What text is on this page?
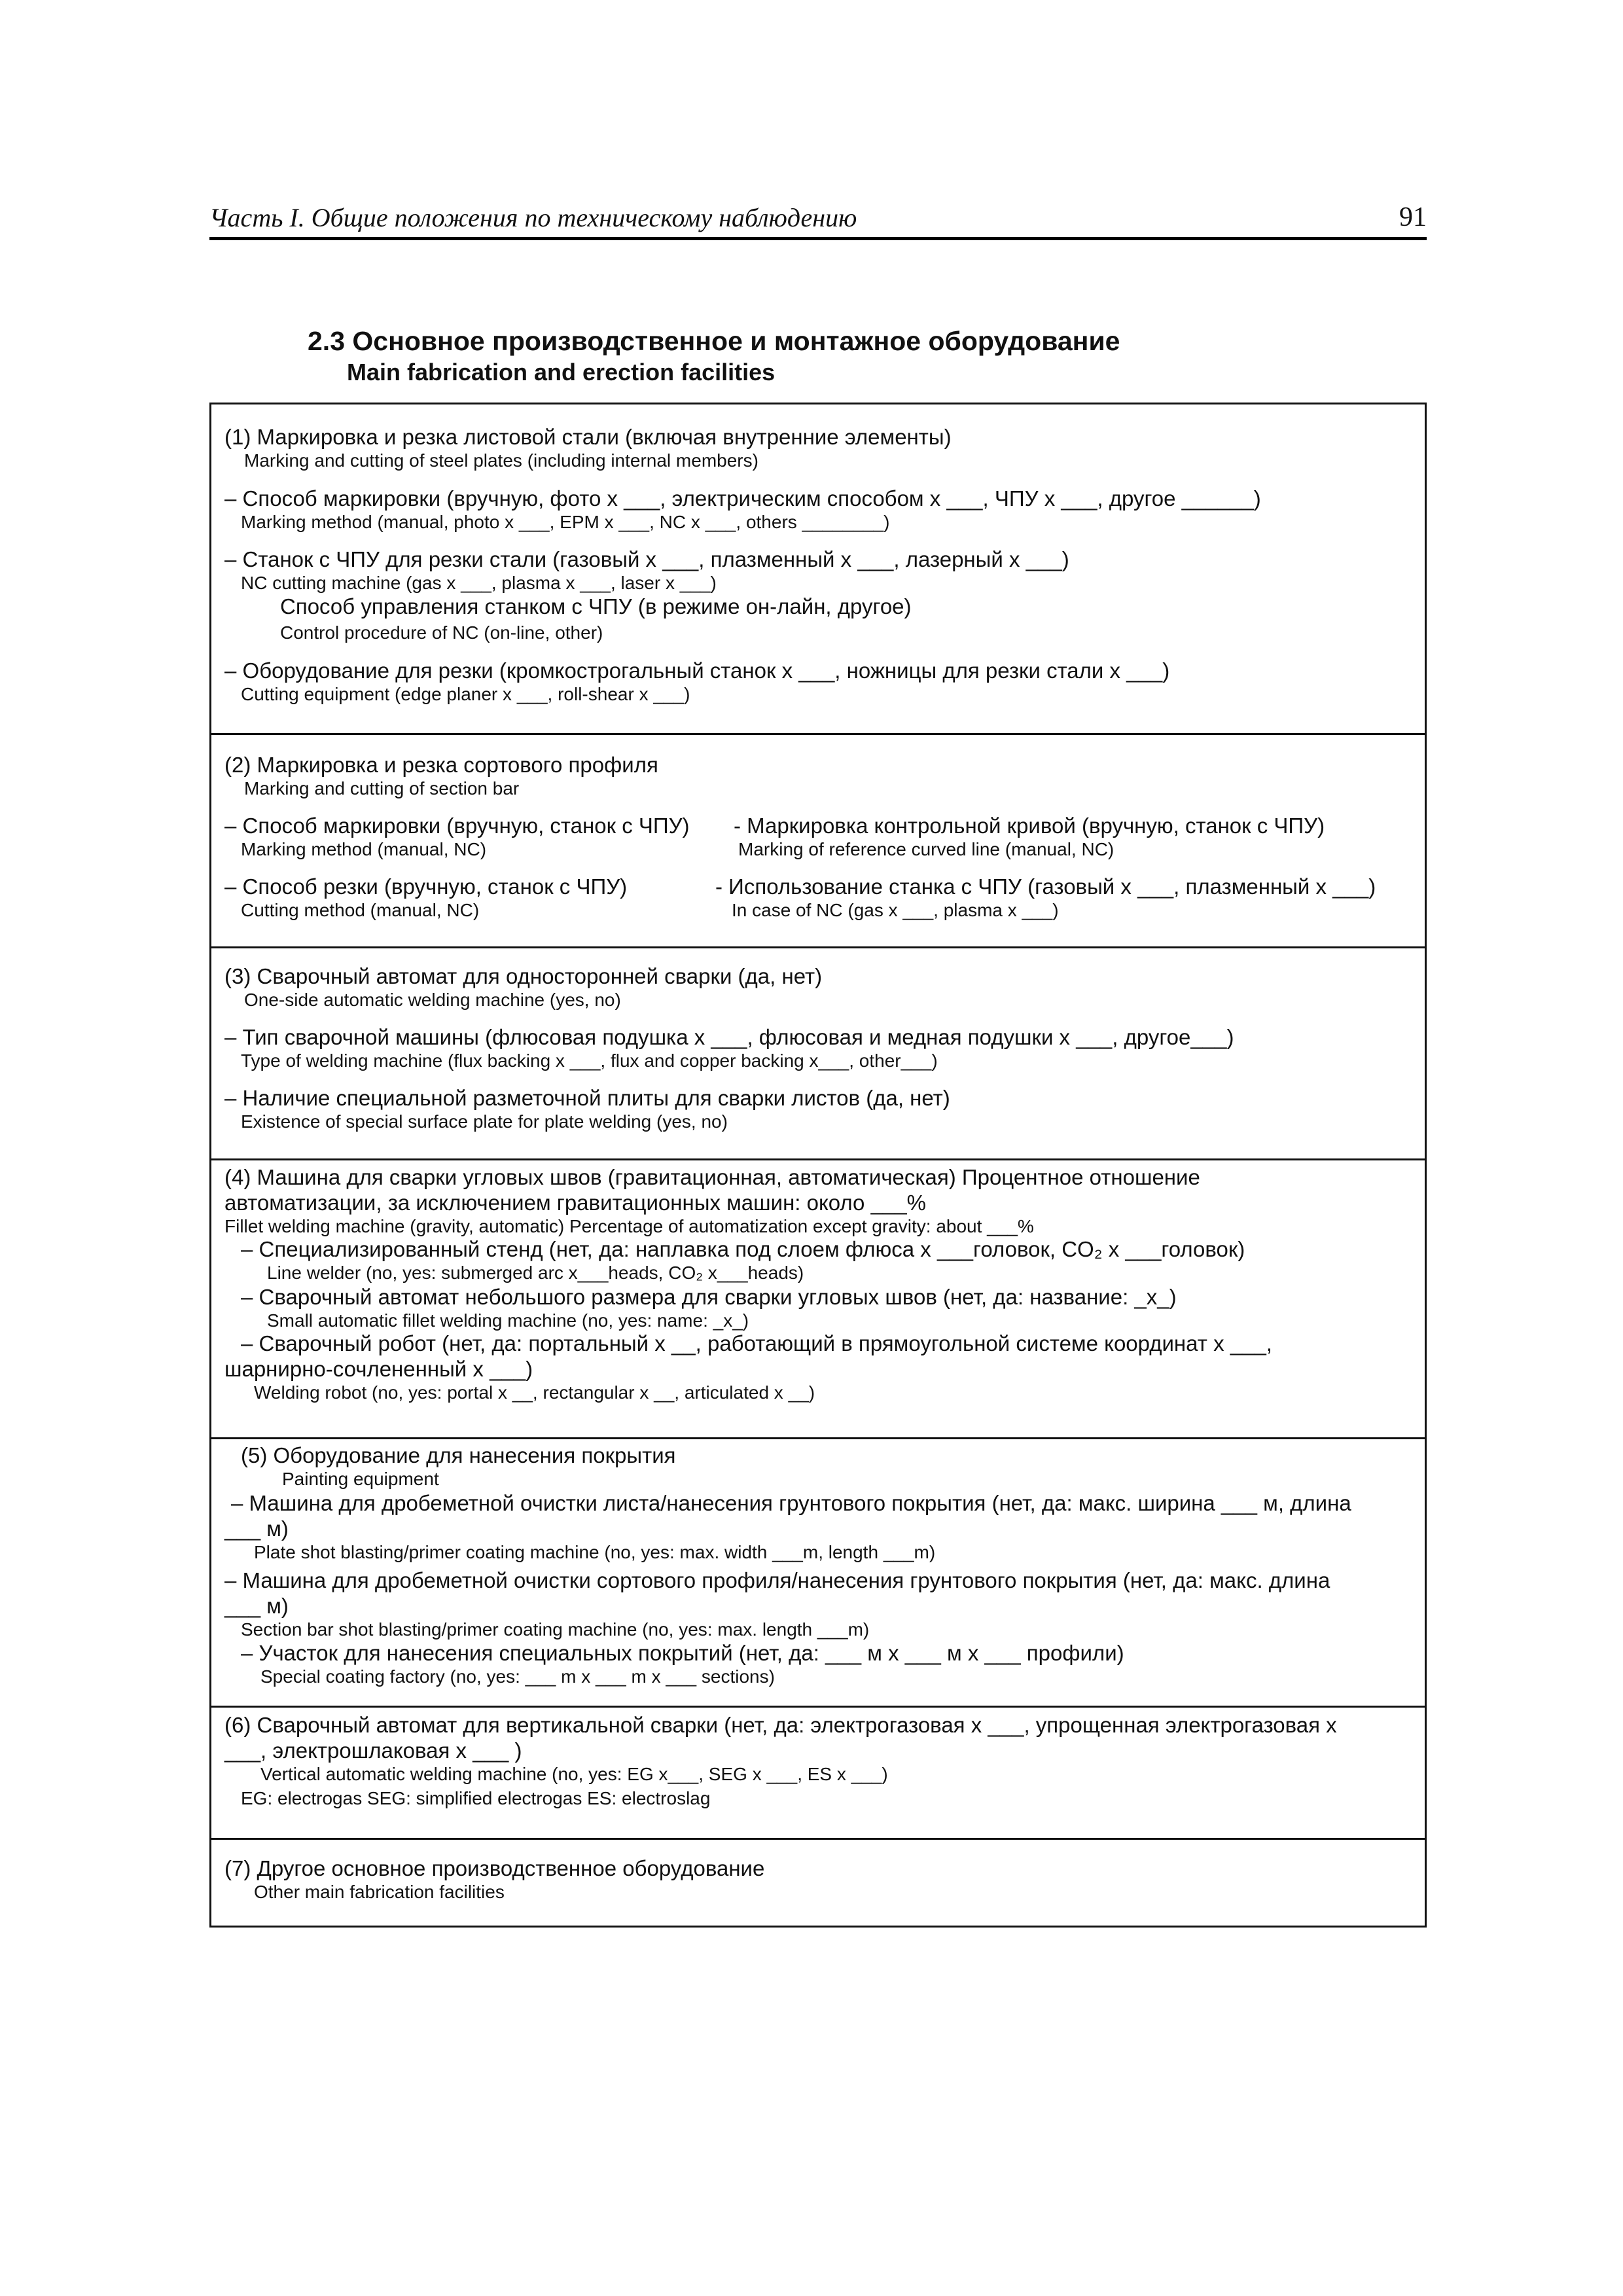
Часть I. Общие положения по техническому наблюдению	91
2.3 Основное производственное и монтажное оборудование
Main fabrication and erection facilities
(1) Маркировка и резка листовой стали (включая внутренние элементы)
Marking and cutting of steel plates (including internal members)
– Способ маркировки (вручную, фото х ___, электрическим способом х ___, ЧПУ х ___, другое ______)
Marking method (manual, photo x ___, EPM x ___, NC x ___, others ________)
– Станок с ЧПУ для резки стали (газовый х ___, плазменный х ___, лазерный х ___)
NC cutting machine (gas x ___, plasma x ___, laser x ___)
Способ управления станком с ЧПУ (в режиме он-лайн, другое)
Control procedure of NC (on-line, other)
– Оборудование для резки (кромкострогальный станок х ___, ножницы для резки стали х ___)
Cutting equipment (edge planer x ___, roll-shear x ___)
(2) Маркировка и резка сортового профиля
Marking and cutting of section bar
– Способ маркировки (вручную, станок с ЧПУ) - Маркировка контрольной кривой (вручную, станок с ЧПУ)
Marking method (manual, NC)	Marking of reference curved line (manual, NC)
– Способ резки (вручную, станок с ЧПУ)	- Использование станка с ЧПУ (газовый х ___, плазменный х ___)
Cutting method (manual, NC)	In case of NC (gas x ___, plasma x ___)
(3) Сварочный автомат для односторонней сварки (да, нет)
One-side automatic welding machine (yes, no)
– Тип сварочной машины (флюсовая подушка х ___, флюсовая и медная подушки х ___, другое___)
Type of welding machine (flux backing x ___, flux and copper backing x___, other___)
– Наличие специальной разметочной плиты для сварки листов (да, нет)
Existence of special surface plate for plate welding (yes, no)
(4) Машина для сварки угловых швов (гравитационная, автоматическая) Процентное отношение
автоматизации, за исключением гравитационных машин: около ___%
Fillet welding machine (gravity, automatic) Percentage of automatization except gravity: about ___%
– Специализированный стенд (нет, да: наплавка под слоем флюса х ___головок, CO₂ х ___головок)
Line welder (no, yes: submerged arc x___heads, CO₂ x___heads)
– Сварочный автомат небольшого размера для сварки угловых швов (нет, да: название: _х_)
Small automatic fillet welding machine (no, yes: name: _x_)
– Сварочный робот (нет, да: портальный х __, работающий в прямоугольной системе координат х ___,
шарнирно-сочлененный х ___)
Welding robot (no, yes: portal x __, rectangular x __, articulated x __)
(5) Оборудование для нанесения покрытия
Painting equipment
– Машина для дробеметной очистки листа/нанесения грунтового покрытия (нет, да: макс. ширина ___ м, длина
___ м)
Plate shot blasting/primer coating machine (no, yes: max. width ___m, length ___m)
– Машина для дробеметной очистки сортового профиля/нанесения грунтового покрытия (нет, да: макс. длина
___ м)
Section bar shot blasting/primer coating machine (no, yes: max. length ___m)
– Участок для нанесения специальных покрытий (нет, да: ___ м х ___ м х ___ профили)
Special coating factory (no, yes: ___ m x ___ m x ___ sections)
(6) Сварочный автомат для вертикальной сварки (нет, да: электрогазовая х ___, упрощенная электрогазовая х
___, электрошлаковая х ___ )
Vertical automatic welding machine (no, yes: EG x___, SEG x ___, ES x ___)
EG: electrogas SEG: simplified electrogas ES: electroslag
(7) Другое основное производственное оборудование
Other main fabrication facilities
